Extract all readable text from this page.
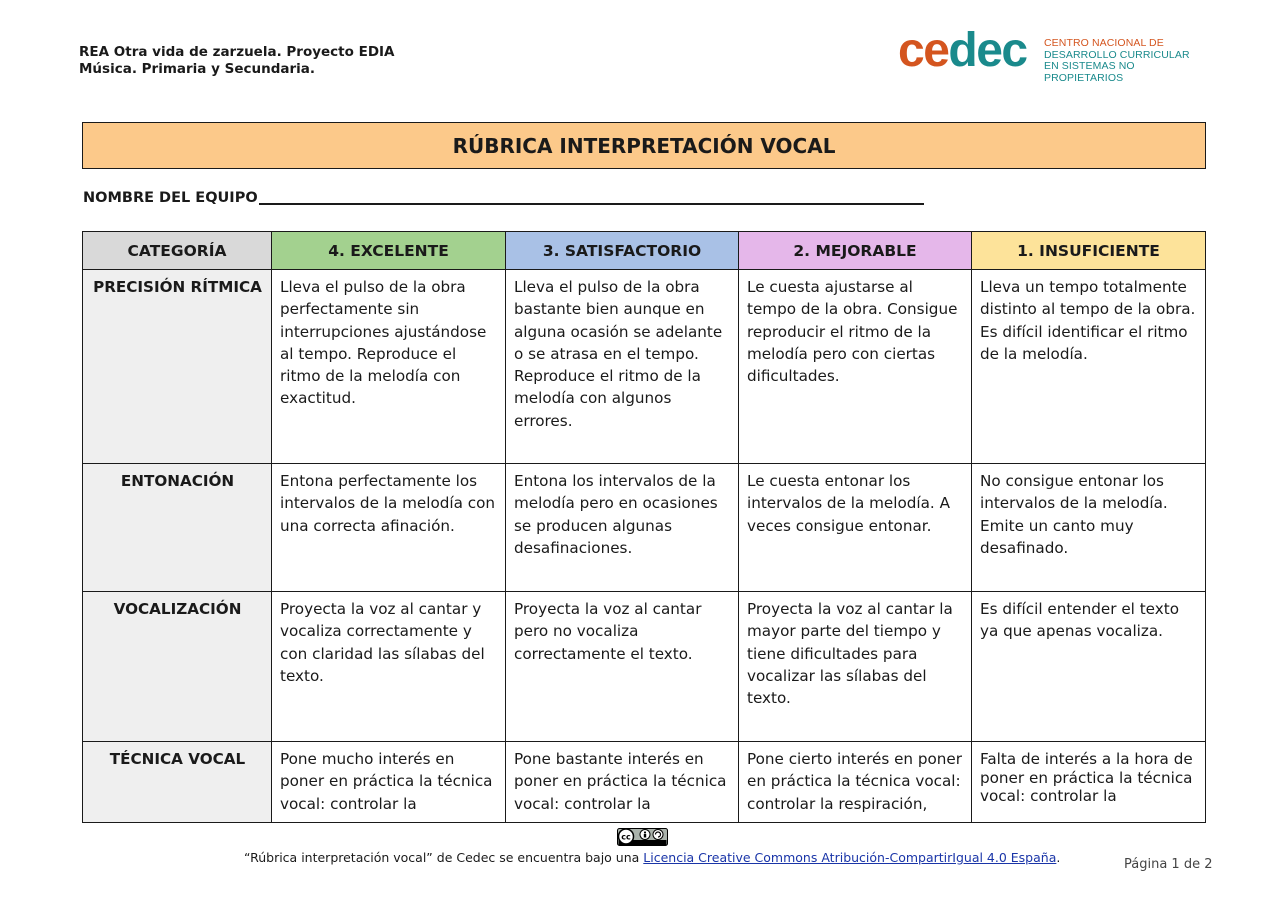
REA Otra vida de zarzuela. Proyecto EDIA
Música. Primaria y Secundaria.	cedec CENTRO NACIONAL DE
DESARROLLO CURRICULAR
EN SISTEMAS NO PROPIETARIOS
RÚBRICA INTERPRETACIÓN VOCAL
NOMBRE DEL EQUIPO
CATEGORÍA	4. EXCELENTE	3. SATISFACTORIO	2. MEJORABLE	1. INSUFICIENTE
PRECISIÓN RÍTMICA	Lleva el pulso de la obra perfectamente sin interrupciones ajustándose al tempo. Reproduce el ritmo de la melodía con exactitud.	Lleva el pulso de la obra bastante bien aunque en alguna ocasión se adelante o se atrasa en el tempo. Reproduce el ritmo de la melodía con algunos errores.	Le cuesta ajustarse al tempo de la obra. Consigue reproducir el ritmo de la melodía pero con ciertas dificultades.	Lleva un tempo totalmente distinto al tempo de la obra. Es difícil identificar el ritmo de la melodía.
ENTONACIÓN	Entona perfectamente los intervalos de la melodía con una correcta afinación.	Entona los intervalos de la melodía pero en ocasiones se producen algunas desafinaciones.	Le cuesta entonar los intervalos de la melodía. A veces consigue entonar.	No consigue entonar los intervalos de la melodía. Emite un canto muy desafinado.
VOCALIZACIÓN	Proyecta la voz al cantar y vocaliza correctamente y con claridad las sílabas del texto.	Proyecta la voz al cantar pero no vocaliza correctamente el texto.	Proyecta la voz al cantar la mayor parte del tiempo y tiene dificultades para vocalizar las sílabas del texto.	Es difícil entender el texto ya que apenas vocaliza.
TÉCNICA VOCAL	Pone mucho interés en poner en práctica la técnica vocal: controlar la	Pone bastante interés en poner en práctica la técnica vocal: controlar la	Pone cierto interés en poner en práctica la técnica vocal: controlar la respiración,	Falta de interés a la hora de poner en práctica la técnica vocal: controlar la
cc
“Rúbrica interpretación vocal” de Cedec se encuentra bajo una Licencia Creative Commons Atribución-CompartirIgual 4.0 España.	Página 1 de 2
